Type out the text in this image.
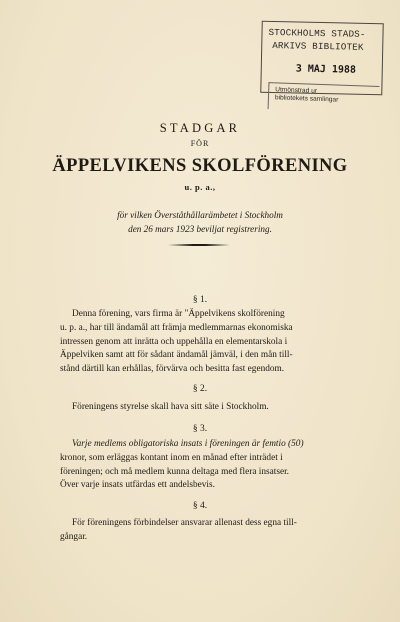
STOCKHOLMS STADS-
ARKIVS BIBLIOTEK
3 MAJ 1988
Utmönstrad ur
bibliotekets samlingar
STADGAR
FÖR
ÄPPELVIKENS SKOLFÖRENING
u. p. a.,
för vilken Överståthållarämbetet i Stockholm
den 26 mars 1923 beviljat registrering.
§ 1.
Denna förening, vars firma är "Äppelvikens skolförening
u. p. a., har till ändamål att främja medlemmarnas ekonomiska
intressen genom att inrätta och uppehålla en elementarskola i
Äppelviken samt att för sådant ändamål jämväl, i den mån till-
stånd därtill kan erhållas, förvärva och besitta fast egendom.
§ 2.
Föreningens styrelse skall hava sitt säte i Stockholm.
§ 3.
Varje medlems obligatoriska insats i föreningen är femtio (50)
kronor, som erläggas kontant inom en månad efter inträdet i
föreningen; och må medlem kunna deltaga med flera insatser.
Över varje insats utfärdas ett andelsbevis.
§ 4.
För föreningens förbindelser ansvarar allenast dess egna till-
gångar.
